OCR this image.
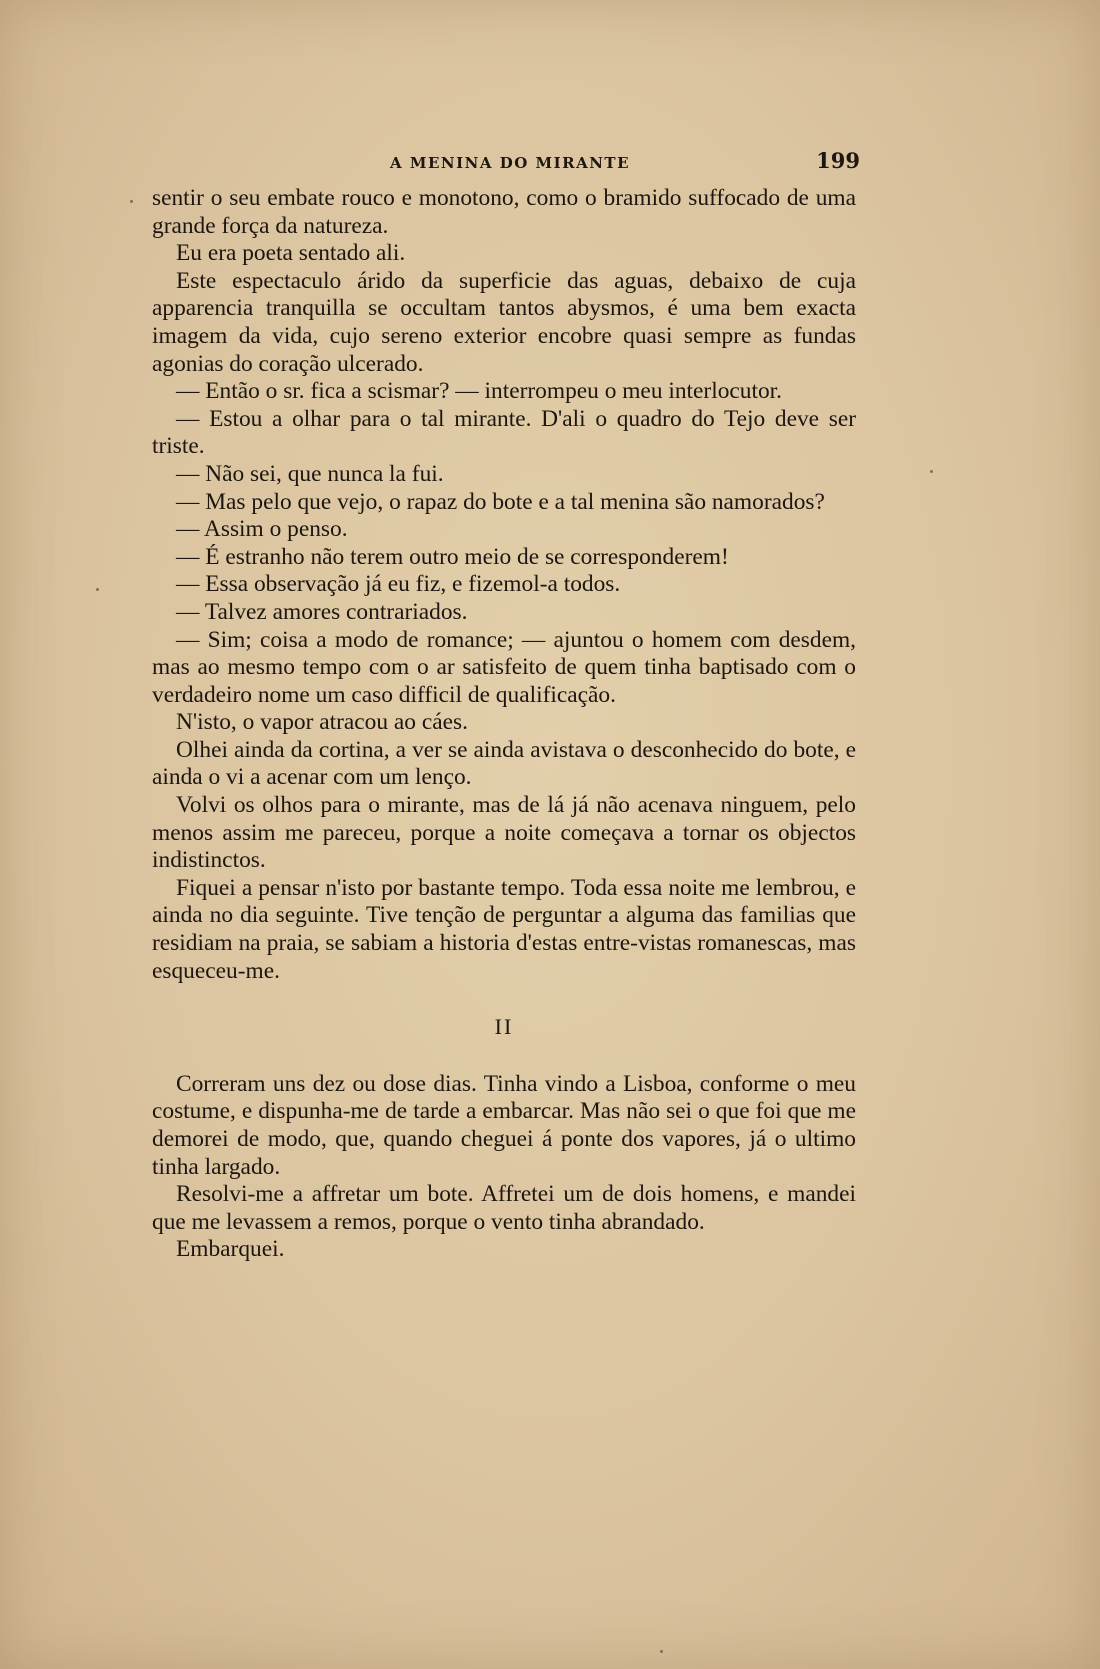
A MENINA DO MIRANTE	199

sentir o seu embate rouco e monotono, como o bramido suffocado de uma grande força da natureza.

Eu era poeta sentado ali.

Este espectaculo árido da superficie das aguas, debaixo de cuja apparencia tranquilla se occultam tantos abysmos, é uma bem exacta imagem da vida, cujo sereno exterior encobre quasi sempre as fundas agonias do coração ulcerado.

— Então o sr. fica a scismar? — interrompeu o meu interlocutor.

— Estou a olhar para o tal mirante. D'ali o quadro do Tejo deve ser triste.

— Não sei, que nunca la fui.

— Mas pelo que vejo, o rapaz do bote e a tal menina são namorados?

— Assim o penso.

— É estranho não terem outro meio de se corresponderem!

— Essa observação já eu fiz, e fizemol-a todos.

— Talvez amores contrariados.

— Sim; coisa a modo de romance; — ajuntou o homem com desdem, mas ao mesmo tempo com o ar satisfeito de quem tinha baptisado com o verdadeiro nome um caso difficil de qualificação.

N'isto, o vapor atracou ao cáes.

Olhei ainda da cortina, a ver se ainda avistava o desconhecido do bote, e ainda o vi a acenar com um lenço.

Volvi os olhos para o mirante, mas de lá já não acenava ninguem, pelo menos assim me pareceu, porque a noite começava a tornar os objectos indistinctos.

Fiquei a pensar n'isto por bastante tempo. Toda essa noite me lembrou, e ainda no dia seguinte. Tive tenção de perguntar a alguma das familias que residiam na praia, se sabiam a historia d'estas entre-vistas romanescas, mas esqueceu-me.

II

Correram uns dez ou dose dias. Tinha vindo a Lisboa, conforme o meu costume, e dispunha-me de tarde a embarcar. Mas não sei o que foi que me demorei de modo, que, quando cheguei á ponte dos vapores, já o ultimo tinha largado.

Resolvi-me a affretar um bote. Affretei um de dois homens, e mandei que me levassem a remos, porque o vento tinha abrandado.

Embarquei.
